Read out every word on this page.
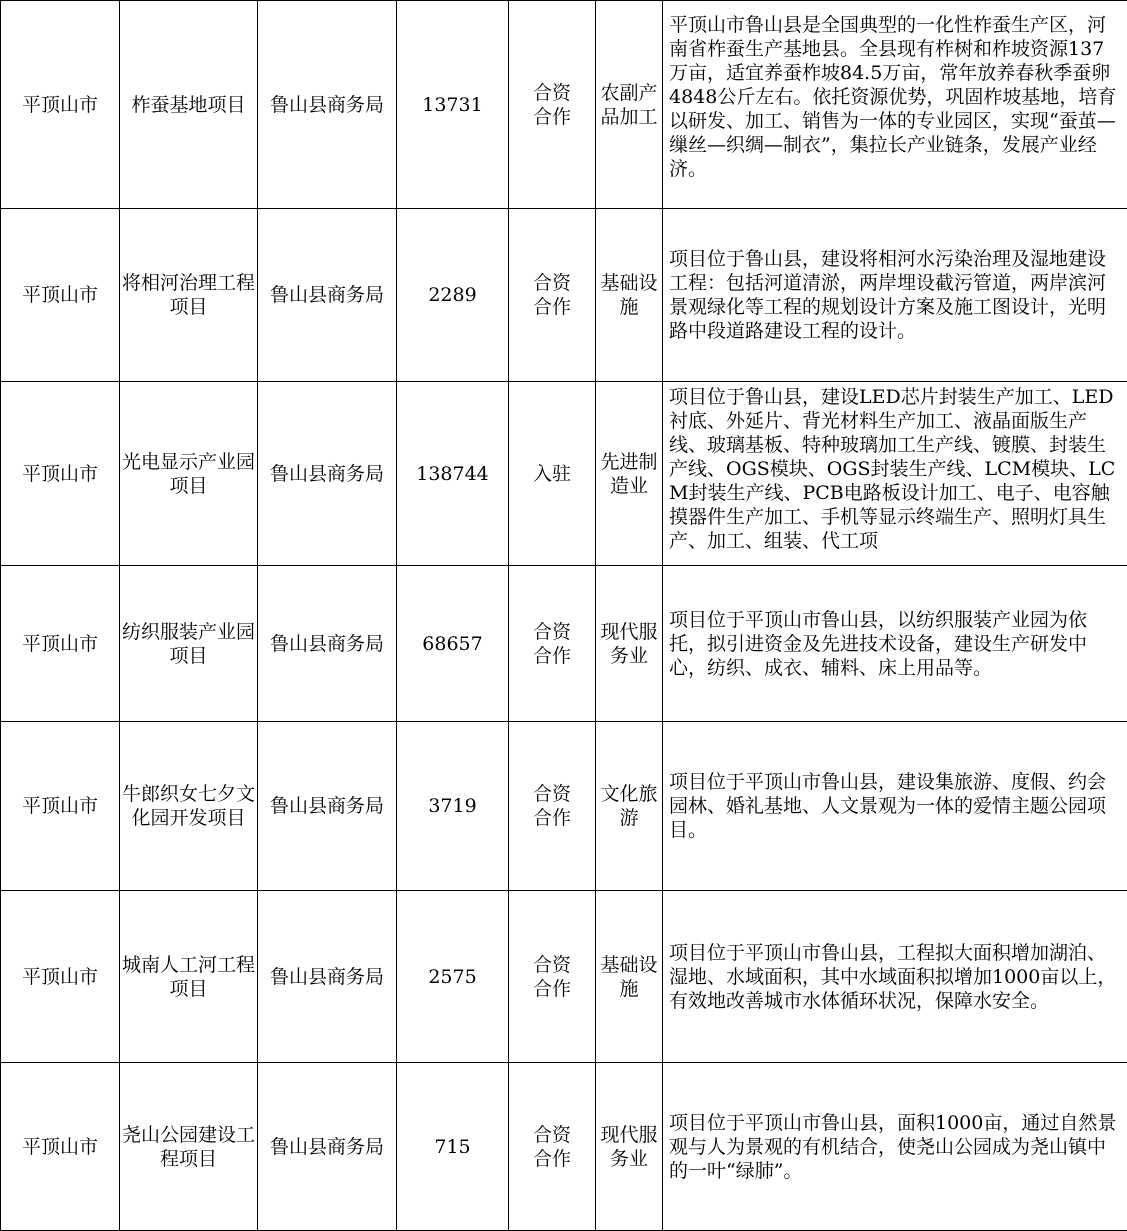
平顶山市	柞蚕基地项目	鲁山县商务局	13731	合资合作	农副产品加工	平顶山市鲁山县是全国典型的一化性柞蚕生产区，河南省柞蚕生产基地县。全县现有柞树和柞坡资源137万亩，适宜养蚕柞坡84.5万亩，常年放养春秋季蚕卵4848公斤左右。依托资源优势，巩固柞坡基地，培育以研发、加工、销售为一体的专业园区，实现“蚕茧—缫丝—织绸—制衣”，集拉长产业链条，发展产业经济。
平顶山市	将相河治理工程项目	鲁山县商务局	2289	合资合作	基础设施	项目位于鲁山县，建设将相河水污染治理及湿地建设工程：包括河道清淤，两岸埋设截污管道，两岸滨河景观绿化等工程的规划设计方案及施工图设计，光明路中段道路建设工程的设计。
平顶山市	光电显示产业园项目	鲁山县商务局	138744	入驻	先进制造业	项目位于鲁山县，建设LED芯片封装生产加工、LED衬底、外延片、背光材料生产加工、液晶面版生产线、玻璃基板、特种玻璃加工生产线、镀膜、封装生产线、OGS模块、OGS封装生产线、LCM模块、LCM封装生产线、PCB电路板设计加工、电子、电容触摸器件生产加工、手机等显示终端生产、照明灯具生产、加工、组装、代工项

平顶山市	纺织服装产业园项目	鲁山县商务局	68657	合资合作	现代服务业	项目位于平顶山市鲁山县，以纺织服装产业园为依托，拟引进资金及先进技术设备，建设生产研发中心，纺织、成衣、辅料、床上用品等。
平顶山市	牛郎织女七夕文化园开发项目	鲁山县商务局	3719	合资合作	文化旅游	项目位于平顶山市鲁山县，建设集旅游、度假、约会园林、婚礼基地、人文景观为一体的爱情主题公园项目。
平顶山市	城南人工河工程项目	鲁山县商务局	2575	合资合作	基础设施	项目位于平顶山市鲁山县，工程拟大面积增加湖泊、湿地、水域面积，其中水域面积拟增加1000亩以上，有效地改善城市水体循环状况，保障水安全。
平顶山市	尧山公园建设工程项目	鲁山县商务局	715	合资合作	现代服务业	项目位于平顶山市鲁山县，面积1000亩，通过自然景观与人为景观的有机结合，使尧山公园成为尧山镇中的一叶“绿肺”。
